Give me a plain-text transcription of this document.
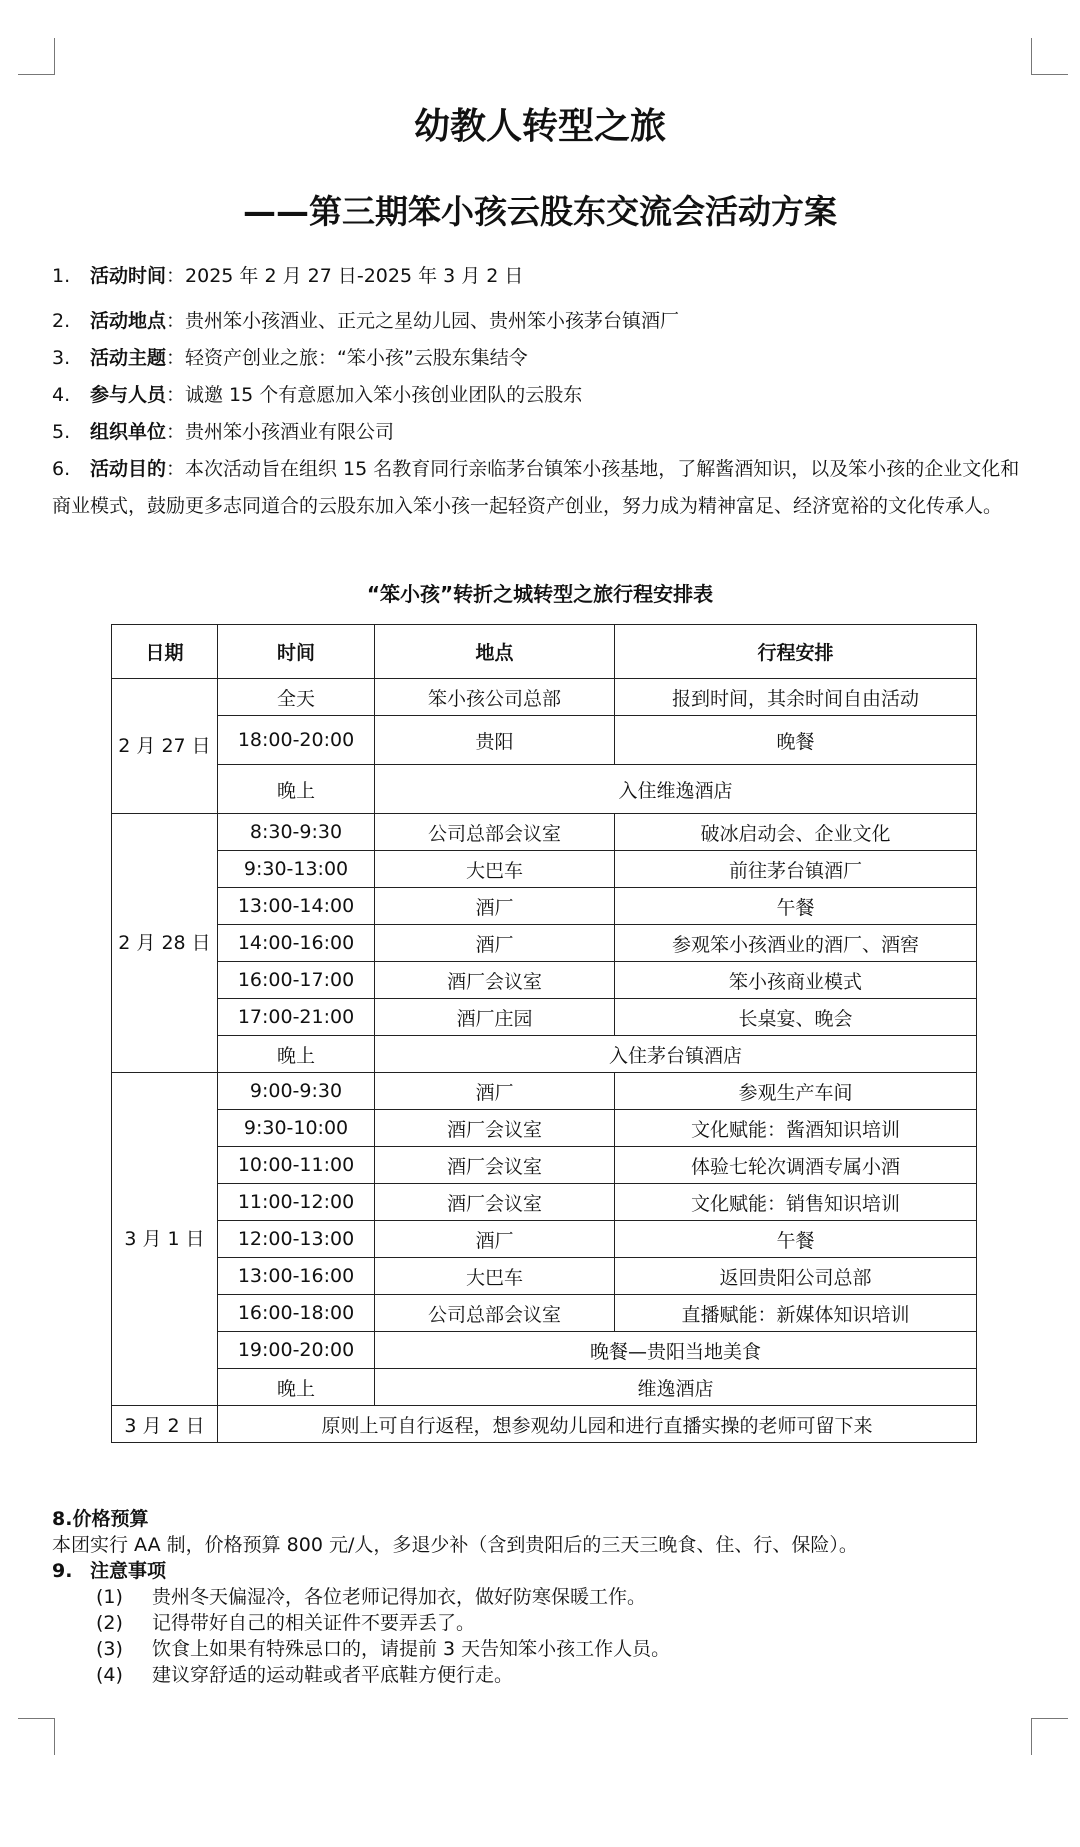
幼教人转型之旅
——第三期笨小孩云股东交流会活动方案
1. 活动时间：2025 年 2 月 27 日-2025 年 3 月 2 日
2. 活动地点：贵州笨小孩酒业、正元之星幼儿园、贵州笨小孩茅台镇酒厂
3. 活动主题：轻资产创业之旅：“笨小孩”云股东集结令
4. 参与人员：诚邀 15 个有意愿加入笨小孩创业团队的云股东
5. 组织单位：贵州笨小孩酒业有限公司
6. 活动目的：本次活动旨在组织 15 名教育同行亲临茅台镇笨小孩基地，了解酱酒知识，以及笨小孩的企业文化和商业模式，鼓励更多志同道合的云股东加入笨小孩一起轻资产创业，努力成为精神富足、经济宽裕的文化传承人。
“笨小孩”转折之城转型之旅行程安排表
日期	时间	地点	行程安排
2 月 27 日	全天	笨小孩公司总部	报到时间，其余时间自由活动
	18:00-20:00	贵阳	晚餐
	晚上	入住维逸酒店	
2 月 28 日	8:30-9:30	公司总部会议室	破冰启动会、企业文化
	9:30-13:00	大巴车	前往茅台镇酒厂
	13:00-14:00	酒厂	午餐
	14:00-16:00	酒厂	参观笨小孩酒业的酒厂、酒窖
	16:00-17:00	酒厂会议室	笨小孩商业模式
	17:00-21:00	酒厂庄园	长桌宴、晚会
	晚上	入住茅台镇酒店	
3 月 1 日	9:00-9:30	酒厂	参观生产车间
	9:30-10:00	酒厂会议室	文化赋能：酱酒知识培训
	10:00-11:00	酒厂会议室	体验七轮次调酒专属小酒
	11:00-12:00	酒厂会议室	文化赋能：销售知识培训
	12:00-13:00	酒厂	午餐
	13:00-16:00	大巴车	返回贵阳公司总部
	16:00-18:00	公司总部会议室	直播赋能：新媒体知识培训
	19:00-20:00	晚餐—贵阳当地美食	
	晚上	维逸酒店	
3 月 2 日	原则上可自行返程，想参观幼儿园和进行直播实操的老师可留下来		
8.价格预算
本团实行 AA 制，价格预算 800 元/人，多退少补（含到贵阳后的三天三晚食、住、行、保险）。
9. 注意事项
(1) 贵州冬天偏湿冷，各位老师记得加衣，做好防寒保暖工作。
(2) 记得带好自己的相关证件不要弄丢了。
(3) 饮食上如果有特殊忌口的，请提前 3 天告知笨小孩工作人员。
(4) 建议穿舒适的运动鞋或者平底鞋方便行走。
